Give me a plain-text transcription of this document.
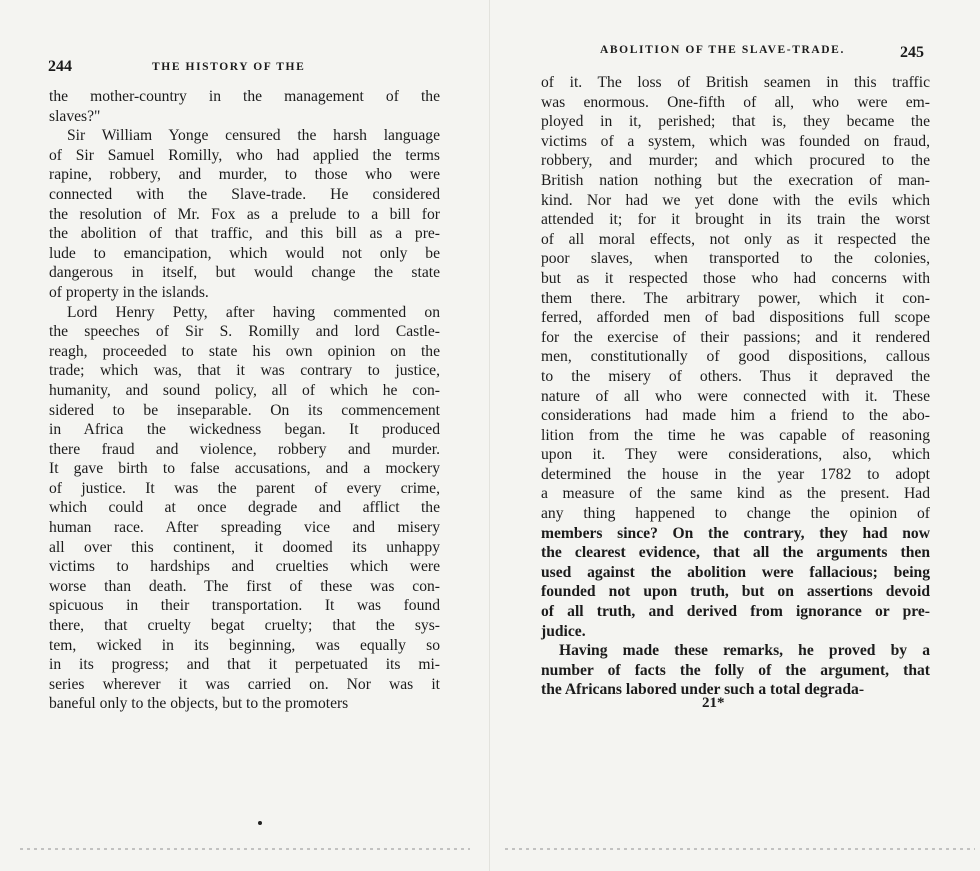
244	THE HISTORY OF THE
the mother-country in the management of the
slaves?"
Sir William Yonge censured the harsh language
of Sir Samuel Romilly, who had applied the terms
rapine, robbery, and murder, to those who were
connected with the Slave-trade. He considered
the resolution of Mr. Fox as a prelude to a bill for
the abolition of that traffic, and this bill as a pre-
lude to emancipation, which would not only be
dangerous in itself, but would change the state
of property in the islands.
Lord Henry Petty, after having commented on
the speeches of Sir S. Romilly and lord Castle-
reagh, proceeded to state his own opinion on the
trade; which was, that it was contrary to justice,
humanity, and sound policy, all of which he con-
sidered to be inseparable. On its commencement
in Africa the wickedness began. It produced
there fraud and violence, robbery and murder.
It gave birth to false accusations, and a mockery
of justice. It was the parent of every crime,
which could at once degrade and afflict the
human race. After spreading vice and misery
all over this continent, it doomed its unhappy
victims to hardships and cruelties which were
worse than death. The first of these was con-
spicuous in their transportation. It was found
there, that cruelty begat cruelty; that the sys-
tem, wicked in its beginning, was equally so
in its progress; and that it perpetuated its mi-
series wherever it was carried on. Nor was it
baneful only to the objects, but to the promoters
ABOLITION OF THE SLAVE-TRADE.	245
of it. The loss of British seamen in this traffic
was enormous. One-fifth of all, who were em-
ployed in it, perished; that is, they became the
victims of a system, which was founded on fraud,
robbery, and murder; and which procured to the
British nation nothing but the execration of man-
kind. Nor had we yet done with the evils which
attended it; for it brought in its train the worst
of all moral effects, not only as it respected the
poor slaves, when transported to the colonies,
but as it respected those who had concerns with
them there. The arbitrary power, which it con-
ferred, afforded men of bad dispositions full scope
for the exercise of their passions; and it rendered
men, constitutionally of good dispositions, callous
to the misery of others. Thus it depraved the
nature of all who were connected with it. These
considerations had made him a friend to the abo-
lition from the time he was capable of reasoning
upon it. They were considerations, also, which
determined the house in the year 1782 to adopt
a measure of the same kind as the present. Had
any thing happened to change the opinion of
members since? On the contrary, they had now
the clearest evidence, that all the arguments then
used against the abolition were fallacious; being
founded not upon truth, but on assertions devoid
of all truth, and derived from ignorance or pre-
judice.
Having made these remarks, he proved by a
number of facts the folly of the argument, that
the Africans labored under such a total degrada-
21*
